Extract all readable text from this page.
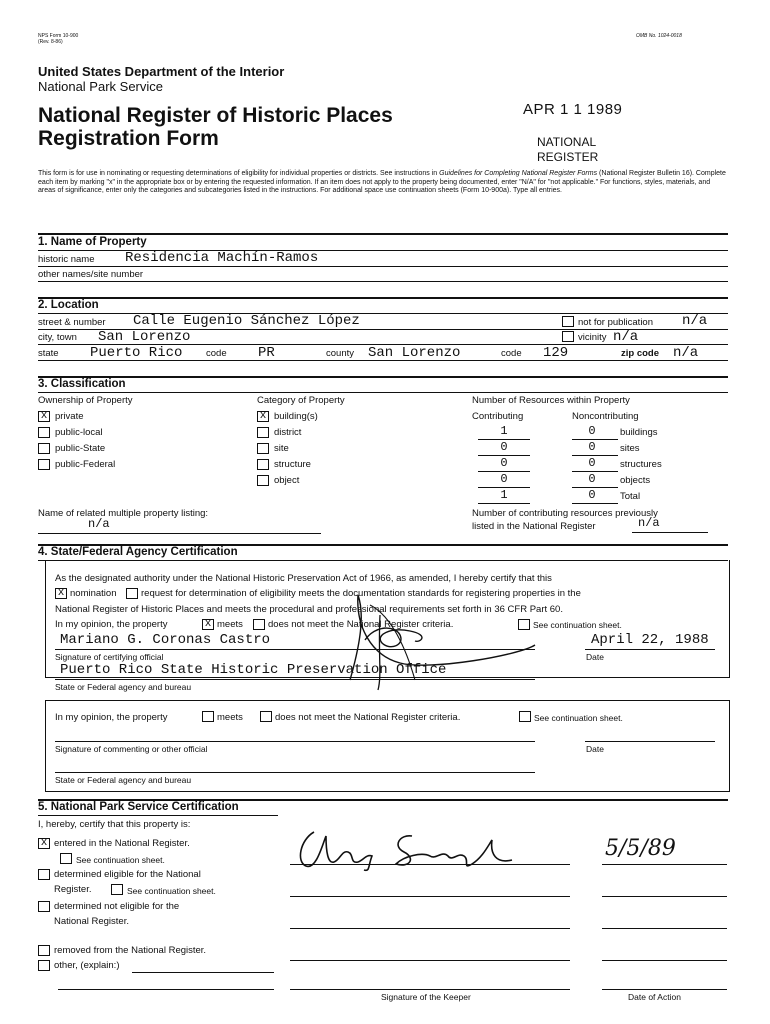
NPS Form 10-900
(Rev. 8-86)
OMB No. 1024-0018
United States Department of the Interior
National Park Service
National Register of Historic Places
Registration Form
APR 1 1 1989
NATIONAL
REGISTER
This form is for use in nominating or requesting determinations of eligibility for individual properties or districts. See instructions in Guidelines for Completing National Register Forms (National Register Bulletin 16). Complete each item by marking "x" in the appropriate box or by entering the requested information. If an item does not apply to the property being documented, enter "N/A" for "not applicable." For functions, styles, materials, and areas of significance, enter only the categories and subcategories listed in the instructions. For additional space use continuation sheets (Form 10-900a). Type all entries.
1. Name of Property
historic name Residencia Machín-Ramos
other names/site number
2. Location
street & number Calle Eugenio Sánchez López	not for publication n/a
city, town San Lorenzo	vicinity n/a
state Puerto Rico code PR	county San Lorenzo	code 129	zip code n/a
3. Classification
Ownership of Property
x private
public-local
public-State
public-Federal
Category of Property
x building(s)
district
site
structure
object
Number of Resources within Property
Contributing	Noncontributing
1	0	buildings
0	0	sites
0	0	structures
0	0	objects
1	0	Total
Name of related multiple property listing:
n/a
Number of contributing resources previously
listed in the National Register	n/a
4. State/Federal Agency Certification
As the designated authority under the National Historic Preservation Act of 1966, as amended, I hereby certify that this
x nomination	request for determination of eligibility meets the documentation standards for registering properties in the
National Register of Historic Places and meets the procedural and professional requirements set forth in 36 CFR Part 60.
In my opinion, the property	x meets	does not meet the National Register criteria.	See continuation sheet.
Mariano G. Coronas Castro	April 22, 1988
Signature of certifying official	Date
Puerto Rico State Historic Preservation Office
State or Federal agency and bureau
In my opinion, the property	meets	does not meet the National Register criteria.	See continuation sheet.
Signature of commenting or other official	Date
State or Federal agency and bureau
5. National Park Service Certification
I, hereby, certify that this property is:
x entered in the National Register.
See continuation sheet.
determined eligible for the National
Register.	See continuation sheet.
determined not eligible for the
National Register.
removed from the National Register.
other, (explain:)
5/5/89
Signature of the Keeper	Date of Action
